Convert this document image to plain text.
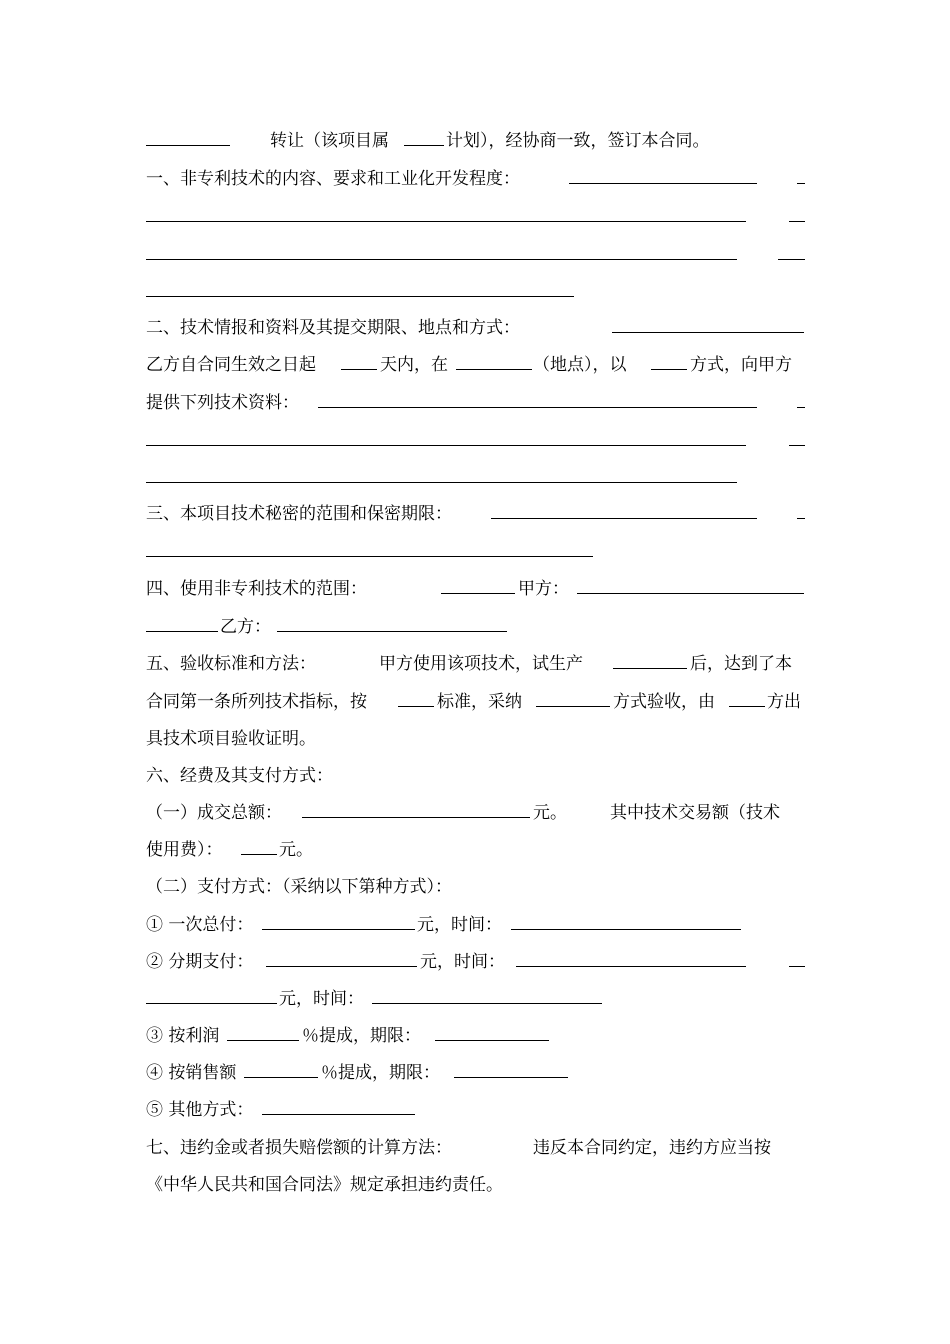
转让（该项目属	计划），经协商一致，签订本合同。
一、非专利技术的内容、要求和工业化开发程度：
二、技术情报和资料及其提交期限、地点和方式：
乙方自合同生效之日起	天内，在	（地点），以	方式，向甲方
提供下列技术资料：
三、本项目技术秘密的范围和保密期限：
四、使用非专利技术的范围：	甲方：
乙方：
五、验收标准和方法：	甲方使用该项技术，试生产	后，达到了本
合同第一条所列技术指标，按	标准，采纳	方式验收，由	方出
具技术项目验收证明。
六、经费及其支付方式：
（一）成交总额：	元。	其中技术交易额（技术
使用费）：	元。
（二）支付方式：（采纳以下第种方式）：
① 一次总付：	元，时间：
② 分期支付：	元，时间：
元，时间：
③ 按利润	％提成，期限：
④ 按销售额	％提成，期限：
⑤ 其他方式：
七、违约金或者损失赔偿额的计算方法：	违反本合同约定，违约方应当按
《中华人民共和国合同法》规定承担违约责任。
